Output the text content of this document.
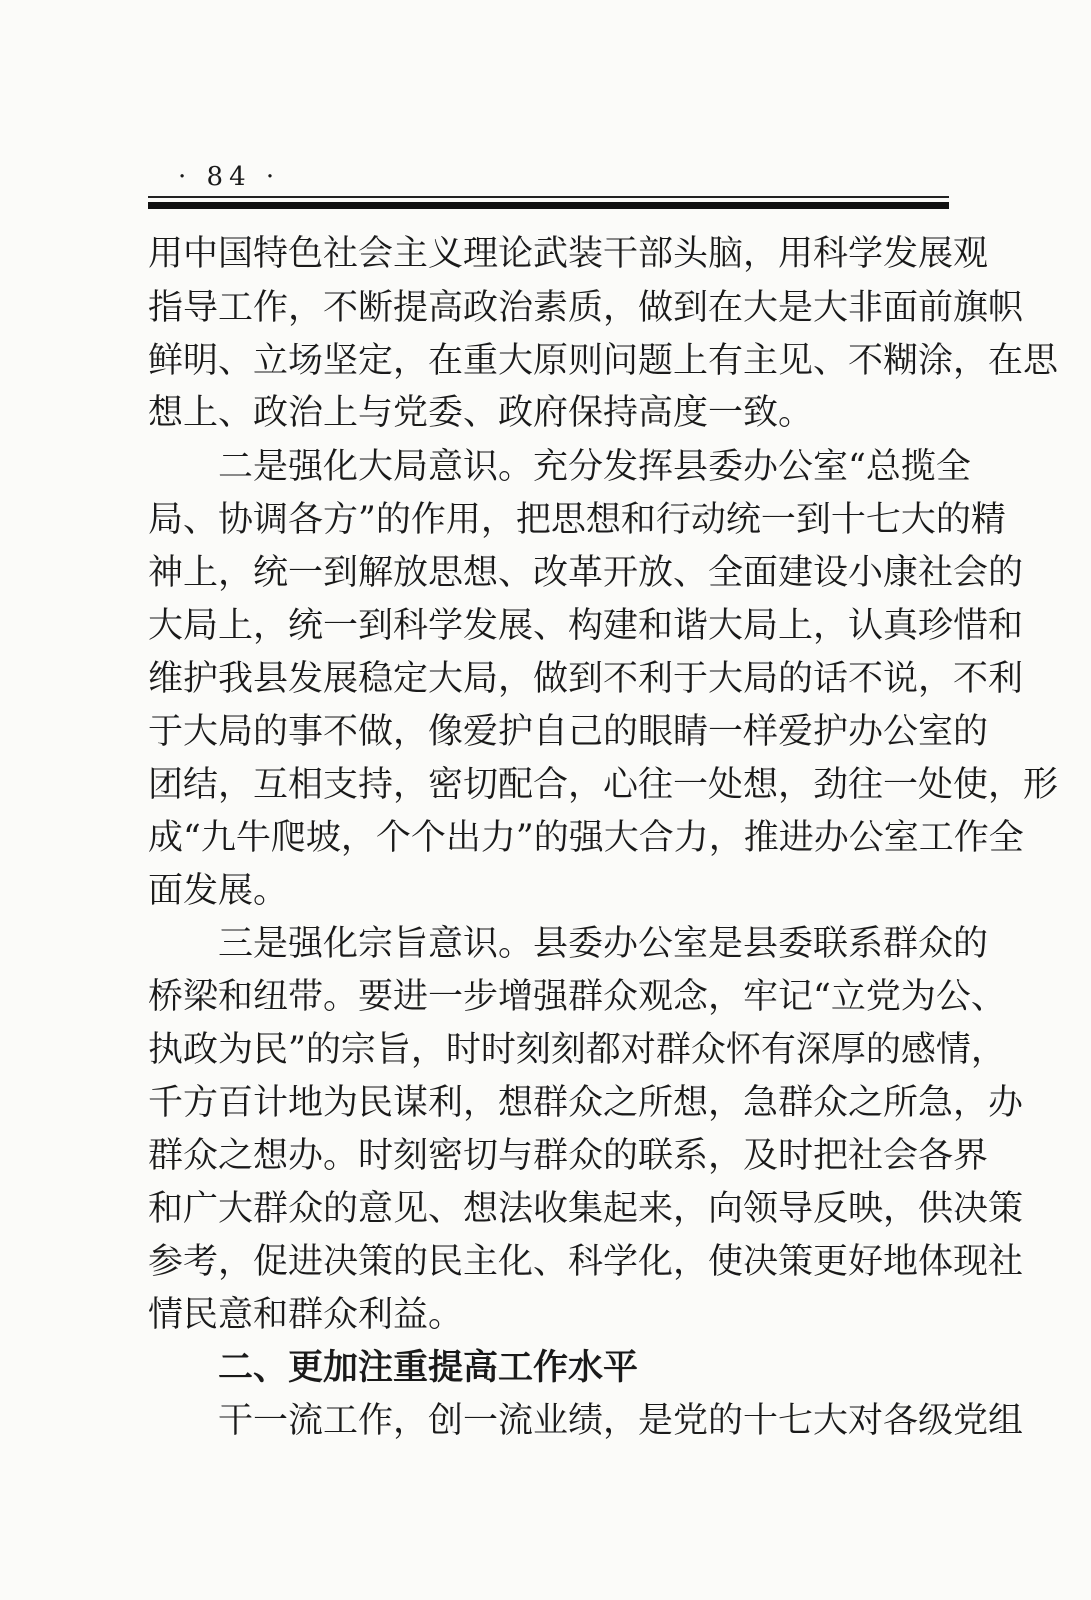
· 84 ·
用中国特色社会主义理论武装干部头脑，用科学发展观
指导工作，不断提高政治素质，做到在大是大非面前旗帜
鲜明、立场坚定，在重大原则问题上有主见、不糊涂，在思
想上、政治上与党委、政府保持高度一致。
二是强化大局意识。充分发挥县委办公室“总揽全
局、协调各方”的作用，把思想和行动统一到十七大的精
神上，统一到解放思想、改革开放、全面建设小康社会的
大局上，统一到科学发展、构建和谐大局上，认真珍惜和
维护我县发展稳定大局，做到不利于大局的话不说，不利
于大局的事不做，像爱护自己的眼睛一样爱护办公室的
团结，互相支持，密切配合，心往一处想，劲往一处使，形
成“九牛爬坡，个个出力”的强大合力，推进办公室工作全
面发展。
三是强化宗旨意识。县委办公室是县委联系群众的
桥梁和纽带。要进一步增强群众观念，牢记“立党为公、
执政为民”的宗旨，时时刻刻都对群众怀有深厚的感情，
千方百计地为民谋利，想群众之所想，急群众之所急，办
群众之想办。时刻密切与群众的联系，及时把社会各界
和广大群众的意见、想法收集起来，向领导反映，供决策
参考，促进决策的民主化、科学化，使决策更好地体现社
情民意和群众利益。
二、更加注重提高工作水平
干一流工作，创一流业绩，是党的十七大对各级党组
